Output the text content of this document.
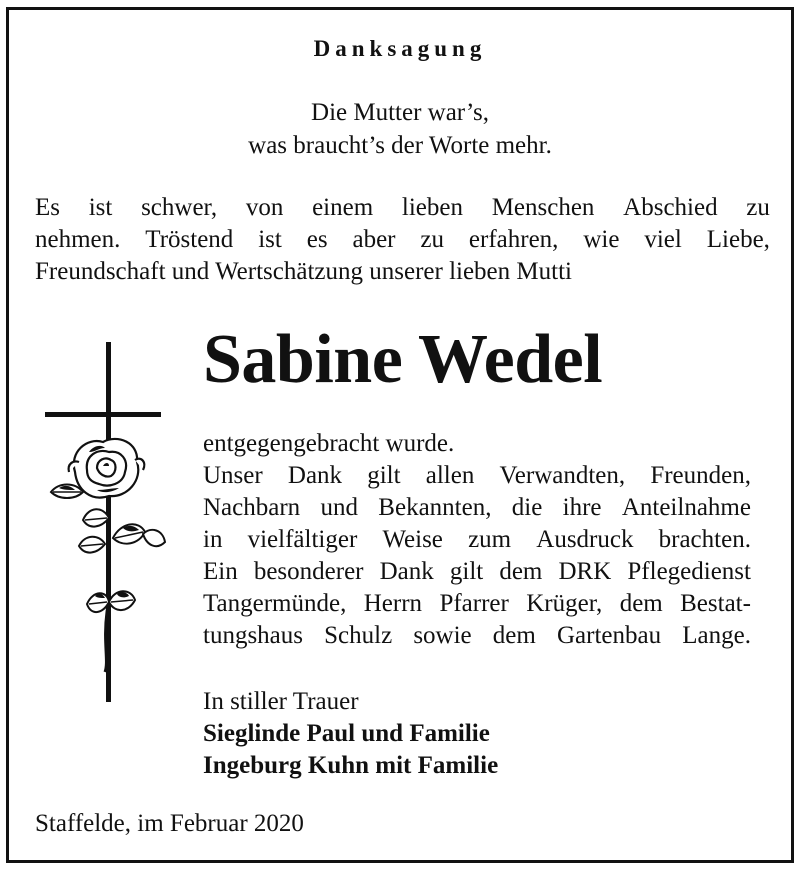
Danksagung
Die Mutter war’s,
was braucht’s der Worte mehr.
Es ist schwer, von einem lieben Menschen Abschied zu
nehmen. Tröstend ist es aber zu erfahren, wie viel Liebe,
Freundschaft und Wertschätzung unserer lieben Mutti
Sabine Wedel
entgegengebracht wurde.
Unser Dank gilt allen Verwandten, Freunden,
Nachbarn und Bekannten, die ihre Anteilnahme
in vielfältiger Weise zum Ausdruck brachten.
Ein besonderer Dank gilt dem DRK Pflegedienst
Tangermünde, Herrn Pfarrer Krüger, dem Bestat-
tungshaus Schulz sowie dem Gartenbau Lange.
In stiller Trauer
Sieglinde Paul und Familie
Ingeburg Kuhn mit Familie
Staffelde, im Februar 2020
